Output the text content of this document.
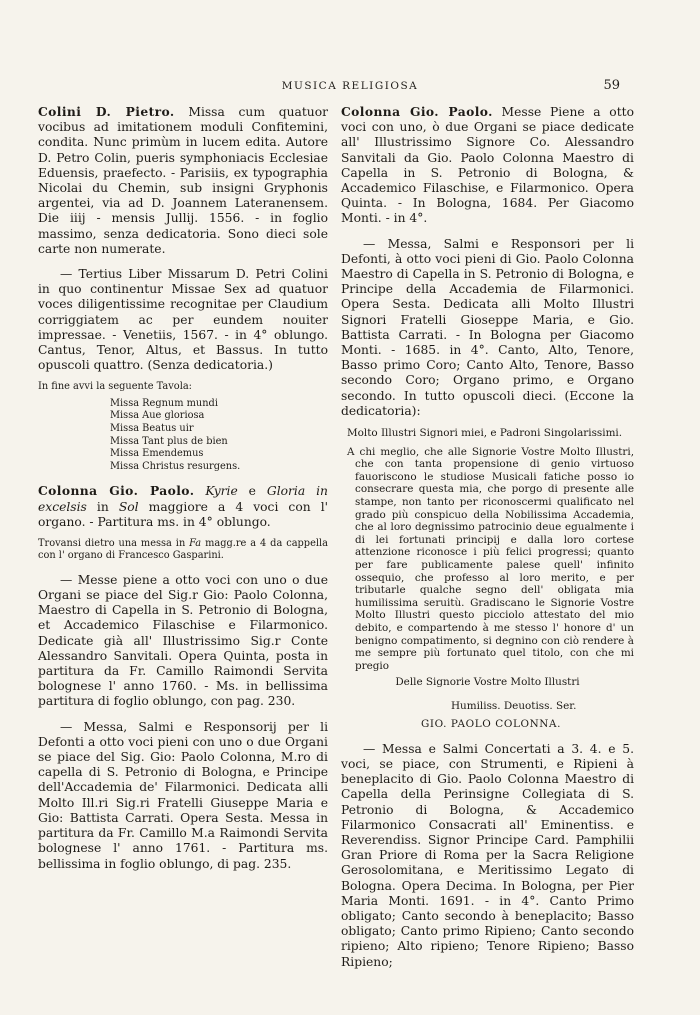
MUSICA RELIGIOSA	59

Colini D. Pietro. Missa cum quatuor vocibus ad imitationem moduli Confitemini, condita. Nunc primùm in lucem edita. Autore D. Petro Colin, pueris symphoniacis Ecclesiae Eduensis, praefecto. - Parisiis, ex typographia Nicolai du Chemin, sub insigni Gryphonis argentei, via ad D. Joannem Lateranensem. Die iiij - mensis Jullij. 1556. - in foglio massimo, senza dedicatoria. Sono dieci sole carte non numerate.

— Tertius Liber Missarum D. Petri Colini in quo continentur Missae Sex ad quatuor voces diligentissime recognitae per Claudium corriggiatem ac per eundem nouiter impressae. - Venetiis, 1567. - in 4° oblungo. Cantus, Tenor, Altus, et Bassus. In tutto opuscoli quattro. (Senza dedicatoria.)

In fine avvi la seguente Tavola:
Missa Regnum mundi
Missa Aue gloriosa
Missa Beatus uir
Missa Tant plus de bien
Missa Emendemus
Missa Christus resurgens.

Colonna Gio. Paolo. Kyrie e Gloria in excelsis in Sol maggiore a 4 voci con l' organo. - Partitura ms. in 4° oblungo.

Trovansi dietro una messa in Fa magg.re a 4 da cappella con l' organo di Francesco Gasparini.

— Messe piene a otto voci con uno o due Organi se piace del Sig.r Gio: Paolo Colonna, Maestro di Capella in S. Petronio di Bologna, et Accademico Filaschise e Filarmonico. Dedicate già all' Illustrissimo Sig.r Conte Alessandro Sanvitali. Opera Quinta, posta in partitura da Fr. Camillo Raimondi Servita bolognese l' anno 1760. - Ms. in bellissima partitura di foglio oblungo, con pag. 230.

— Messa, Salmi e Responsorij per li Defonti a otto voci pieni con uno o due Organi se piace del Sig. Gio: Paolo Colonna, M.ro di capella di S. Petronio di Bologna, e Principe dell'Accademia de' Filarmonici. Dedicata alli Molto Ill.ri Sig.ri Fratelli Giuseppe Maria e Gio: Battista Carrati. Opera Sesta. Messa in partitura da Fr. Camillo M.a Raimondi Servita bolognese l' anno 1761. - Partitura ms. bellissima in foglio oblungo, di pag. 235.

Colonna Gio. Paolo. Messe Piene a otto voci con uno, ò due Organi se piace dedicate all' Illustrissimo Signore Co. Alessandro Sanvitali da Gio. Paolo Colonna Maestro di Capella in S. Petronio di Bologna, & Accademico Filaschise, e Filarmonico. Opera Quinta. - In Bologna, 1684. Per Giacomo Monti. - in 4°.

— Messa, Salmi e Responsori per li Defonti, à otto voci pieni di Gio. Paolo Colonna Maestro di Capella in S. Petronio di Bologna, e Principe della Accademia de Filarmonici. Opera Sesta. Dedicata alli Molto Illustri Signori Fratelli Gioseppe Maria, e Gio. Battista Carrati. - In Bologna per Giacomo Monti. - 1685. in 4°. Canto, Alto, Tenore, Basso primo Coro; Canto Alto, Tenore, Basso secondo Coro; Organo primo, e Organo secondo. In tutto opuscoli dieci. (Eccone la dedicatoria):

Molto Illustri Signori miei, e Padroni Singolarissimi.

A chi meglio, che alle Signorie Vostre Molto Illustri, che con tanta propensione di genio virtuoso fauoriscono le studiose Musicali fatiche posso io consecrare questa mia, che porgo di presente alle stampe, non tanto per riconoscermi qualificato nel grado più conspicuo della Nobilissima Accademia, che al loro degnissimo patrocinio deue egualmente i di lei fortunati principij e dalla loro cortese attenzione riconosce i più felici progressi; quanto per fare publicamente palese quell' infinito ossequio, che professo al loro merito, e per tributarle qualche segno dell' obligata mia humilissima seruitù. Gradiscano le Signorie Vostre Molto Illustri questo picciolo attestato del mio debito, e compartendo à me stesso l' honore d' un benigno compatimento, si degnino con ciò rendere à me sempre più fortunato quel titolo, con che mi pregio

Delle Signorie Vostre Molto Illustri

Humiliss. Deuotiss. Ser.

GIO. PAOLO COLONNA.

— Messa e Salmi Concertati a 3. 4. e 5. voci, se piace, con Strumenti, e Ripieni à beneplacito di Gio. Paolo Colonna Maestro di Capella della Perinsigne Collegiata di S. Petronio di Bologna, & Accademico Filarmonico Consacrati all' Eminentiss. e Reverendiss. Signor Principe Card. Pamphilii Gran Priore di Roma per la Sacra Religione Gerosolomitana, e Meritissimo Legato di Bologna. Opera Decima. In Bologna, per Pier Maria Monti. 1691. - in 4°. Canto Primo obligato; Canto secondo à beneplacito; Basso obligato; Canto primo Ripieno; Canto secondo ripieno; Alto ripieno; Tenore Ripieno; Basso Ripieno;
